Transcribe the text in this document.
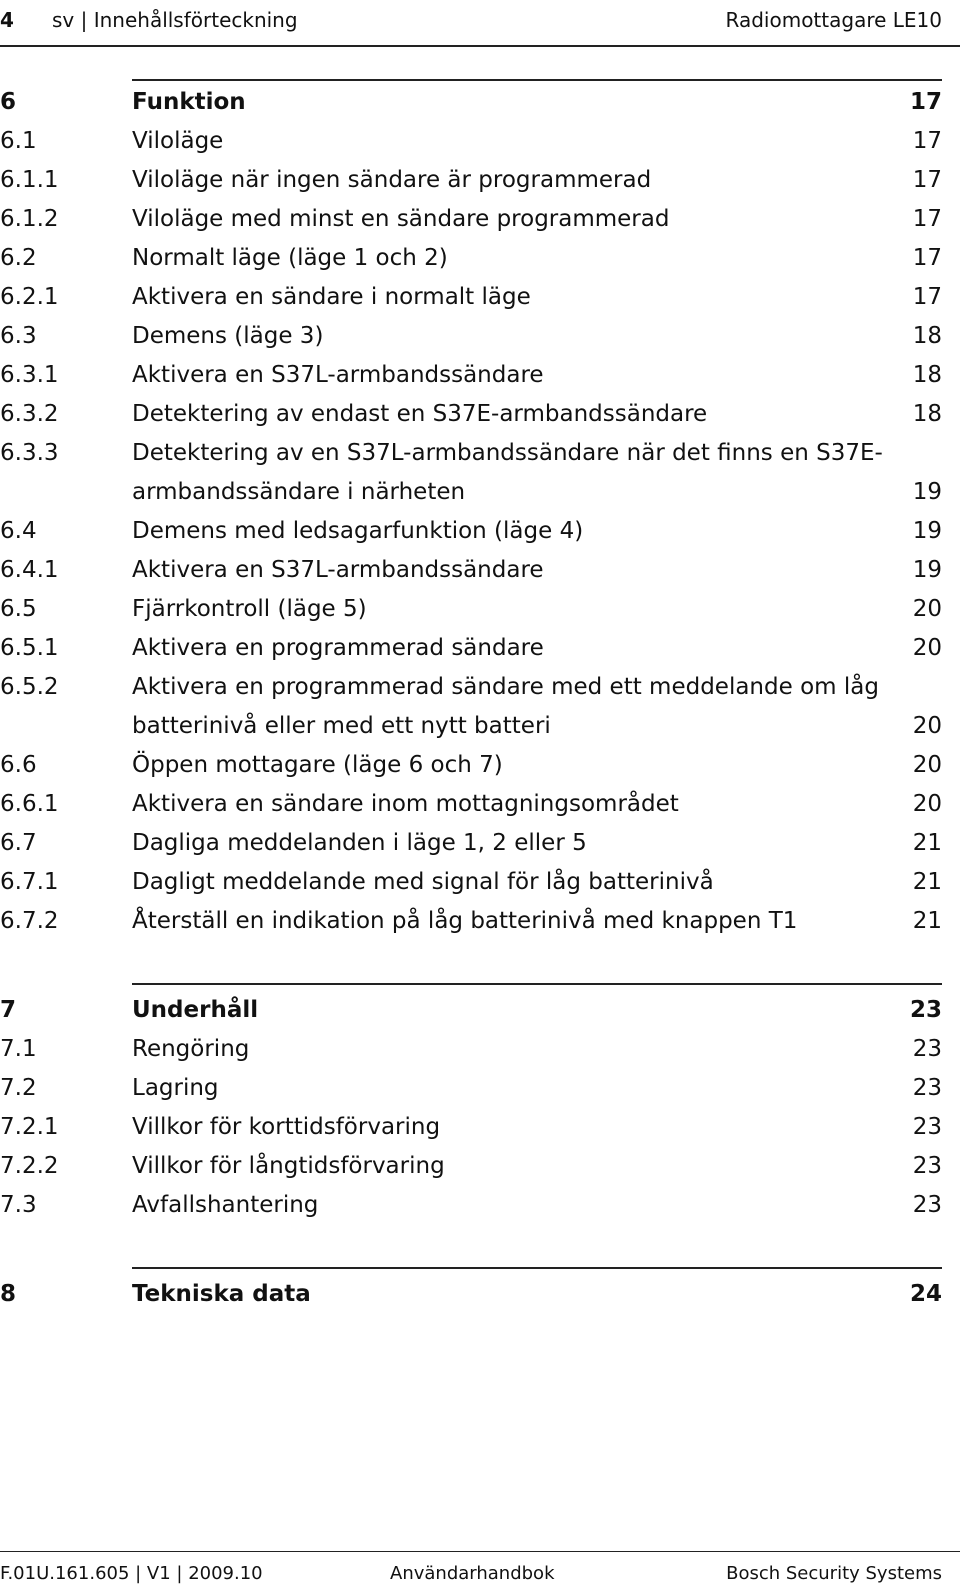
4 sv | Innehållsförteckning	Radiomottagare LE10
6	Funktion	17
6.1	Viloläge	17
6.1.1	Viloläge när ingen sändare är programmerad	17
6.1.2	Viloläge med minst en sändare programmerad	17
6.2	Normalt läge (läge 1 och 2)	17
6.2.1	Aktivera en sändare i normalt läge	17
6.3	Demens (läge 3)	18
6.3.1	Aktivera en S37L-armbandssändare	18
6.3.2	Detektering av endast en S37E-armbandssändare	18
6.3.3	Detektering av en S37L-armbandssändare när det finns en S37E-armbandssändare i närheten	19
6.4	Demens med ledsagarfunktion (läge 4)	19
6.4.1	Aktivera en S37L-armbandssändare	19
6.5	Fjärrkontroll (läge 5)	20
6.5.1	Aktivera en programmerad sändare	20
6.5.2	Aktivera en programmerad sändare med ett meddelande om låg batterinivå eller med ett nytt batteri	20
6.6	Öppen mottagare (läge 6 och 7)	20
6.6.1	Aktivera en sändare inom mottagningsområdet	20
6.7	Dagliga meddelanden i läge 1, 2 eller 5	21
6.7.1	Dagligt meddelande med signal för låg batterinivå	21
6.7.2	Återställ en indikation på låg batterinivå med knappen T1	21
7	Underhåll	23
7.1	Rengöring	23
7.2	Lagring	23
7.2.1	Villkor för korttidsförvaring	23
7.2.2	Villkor för långtidsförvaring	23
7.3	Avfallshantering	23
8	Tekniska data	24
F.01U.161.605 | V1 | 2009.10	Användarhandbok	Bosch Security Systems
